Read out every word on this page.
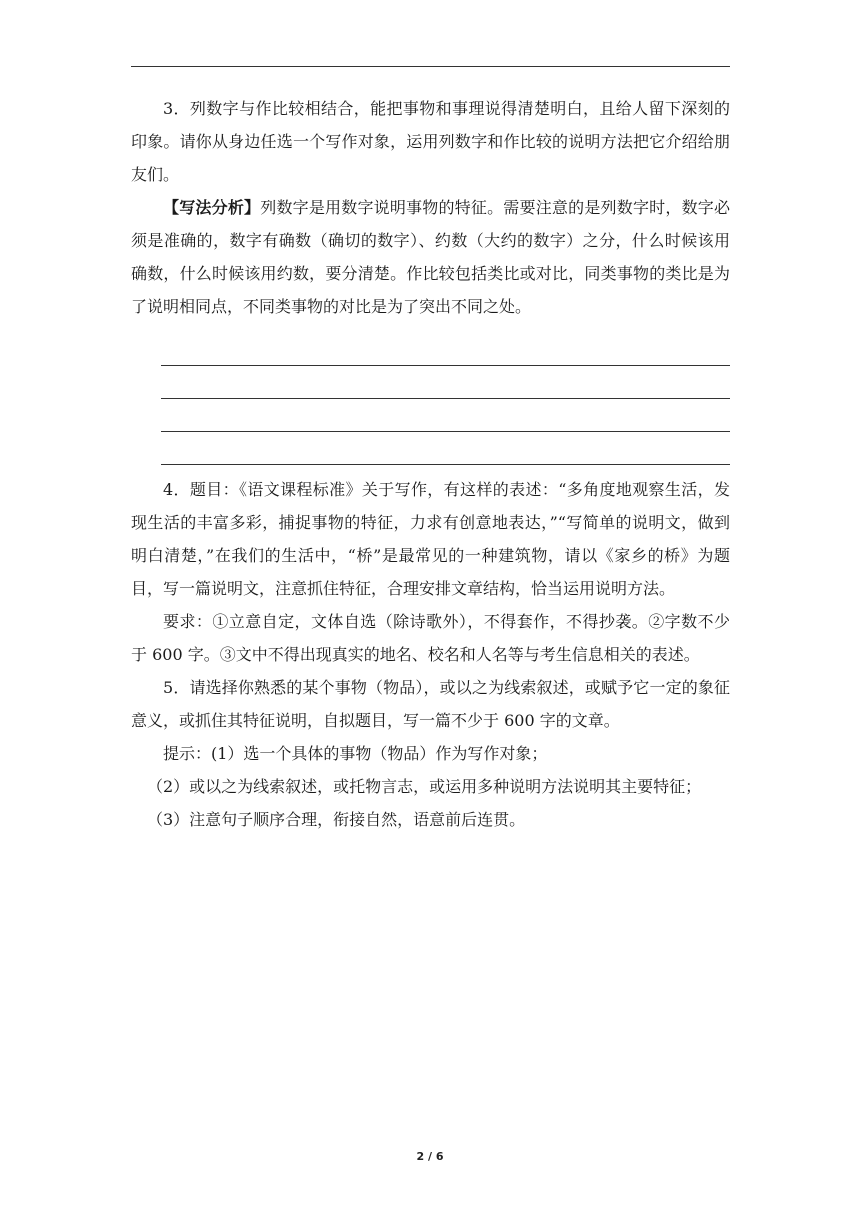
3．列数字与作比较相结合，能把事物和事理说得清楚明白，且给人留下深刻的印象。请你从身边任选一个写作对象，运用列数字和作比较的说明方法把它介绍给朋友们。

【写法分析】列数字是用数字说明事物的特征。需要注意的是列数字时，数字必须是准确的，数字有确数（确切的数字）、约数（大约的数字）之分，什么时候该用确数，什么时候该用约数，要分清楚。作比较包括类比或对比，同类事物的类比是为了说明相同点，不同类事物的对比是为了突出不同之处。

4．题目：《语文课程标准》关于写作，有这样的表述：“多角度地观察生活，发现生活的丰富多彩，捕捉事物的特征，力求有创意地表达，”“写简单的说明文，做到明白清楚，”在我们的生活中，“桥”是最常见的一种建筑物，请以《家乡的桥》为题目，写一篇说明文，注意抓住特征，合理安排文章结构，恰当运用说明方法。

要求：①立意自定，文体自选（除诗歌外），不得套作，不得抄袭。②字数不少于 600 字。③文中不得出现真实的地名、校名和人名等与考生信息相关的表述。

5．请选择你熟悉的某个事物（物品），或以之为线索叙述，或赋予它一定的象征意义，或抓住其特征说明，自拟题目，写一篇不少于 600 字的文章。

提示：(1）选一个具体的事物（物品）作为写作对象；

（2）或以之为线索叙述，或托物言志，或运用多种说明方法说明其主要特征；

（3）注意句子顺序合理，衔接自然，语意前后连贯。

2 / 6
